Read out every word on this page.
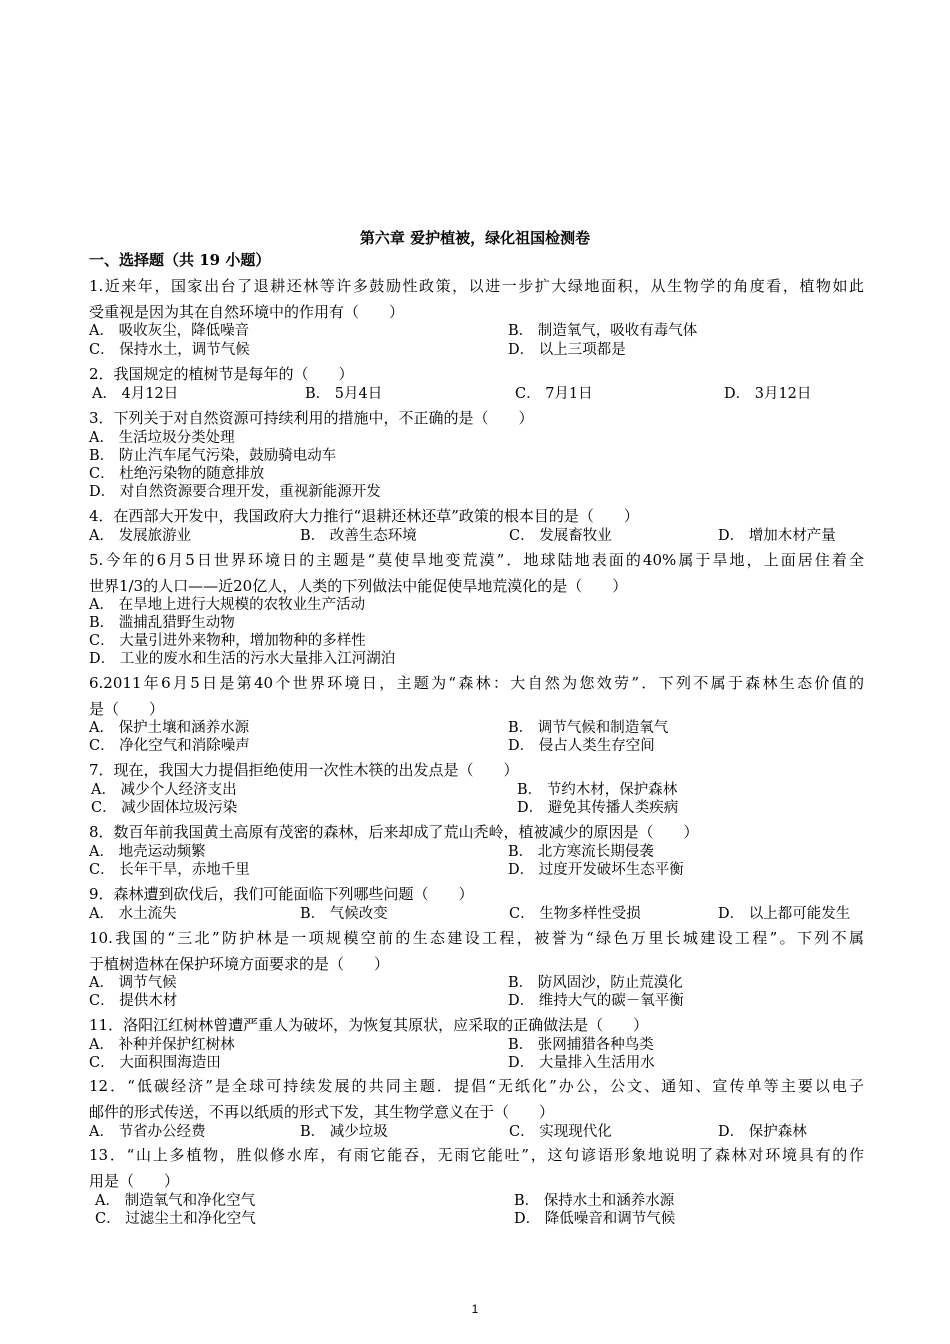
第六章 爱护植被，绿化祖国检测卷
一、选择题（共 19 小题）
1.近来年，国家出台了退耕还林等许多鼓励性政策，以进一步扩大绿地面积，从生物学的角度看，植物如此
受重视是因为其在自然环境中的作用有（　　）
A． 吸收灰尘，降低噪音	B． 制造氧气，吸收有毒气体
C． 保持水土，调节气候	D． 以上三项都是
2．我国规定的植树节是每年的（　　）
A． 4月12日	B． 5月4日	C． 7月1日	D． 3月12日
3．下列关于对自然资源可持续利用的措施中，不正确的是（　　）
A． 生活垃圾分类处理
B． 防止汽车尾气污染，鼓励骑电动车
C． 杜绝污染物的随意排放
D． 对自然资源要合理开发，重视新能源开发
4．在西部大开发中，我国政府大力推行“退耕还林还草”政策的根本目的是（　　）
A． 发展旅游业	B． 改善生态环境	C． 发展畜牧业	D． 增加木材产量
5.今年的6月5日世界环境日的主题是“莫使旱地变荒漠”．地球陆地表面的40%属于旱地，上面居住着全
世界1/3的人口——近20亿人，人类的下列做法中能促使旱地荒漠化的是（　　）
A． 在旱地上进行大规模的农牧业生产活动
B． 滥捕乱猎野生动物
C． 大量引进外来物种，增加物种的多样性
D． 工业的废水和生活的污水大量排入江河湖泊
6.2011年6月5日是第40个世界环境日，主题为“森林：大自然为您效劳”．下列不属于森林生态价值的
是（　　）
A． 保护土壤和涵养水源	B． 调节气候和制造氧气
C． 净化空气和消除噪声	D． 侵占人类生存空间
7．现在，我国大力提倡拒绝使用一次性木筷的出发点是（　　）
A． 减少个人经济支出	B． 节约木材，保护森林
C． 减少固体垃圾污染	D． 避免其传播人类疾病
8．数百年前我国黄土高原有茂密的森林，后来却成了荒山秃岭，植被减少的原因是（　　）
A． 地壳运动频繁	B． 北方寒流长期侵袭
C． 长年干旱，赤地千里	D． 过度开发破坏生态平衡
9．森林遭到砍伐后，我们可能面临下列哪些问题（　　）
A． 水土流失	B． 气候改变	C． 生物多样性受损	D． 以上都可能发生
10.我国的“三北”防护林是一项规模空前的生态建设工程，被誉为“绿色万里长城建设工程”。下列不属
于植树造林在保护环境方面要求的是（　　）
A． 调节气候	B． 防风固沙，防止荒漠化
C． 提供木材	D． 维持大气的碳－氧平衡
11．洛阳江红树林曾遭严重人为破坏，为恢复其原状，应采取的正确做法是（　　）
A． 补种并保护红树林	B． 张网捕猎各种鸟类
C． 大面积围海造田	D． 大量排入生活用水
12．“低碳经济”是全球可持续发展的共同主题．提倡“无纸化”办公，公文、通知、宣传单等主要以电子
邮件的形式传送，不再以纸质的形式下发，其生物学意义在于（　　）
A． 节省办公经费	B． 减少垃圾	C． 实现现代化	D． 保护森林
13．“山上多植物，胜似修水库，有雨它能吞，无雨它能吐”，这句谚语形象地说明了森林对环境具有的作
用是（　　）
A． 制造氧气和净化空气	B． 保持水土和涵养水源
C． 过滤尘土和净化空气	D． 降低噪音和调节气候
1
